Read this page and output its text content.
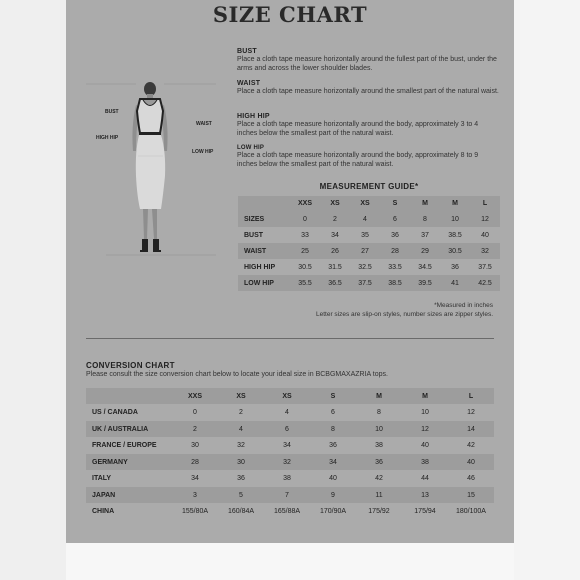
SIZE CHART
BUST
Place a cloth tape measure horizontally around the fullest part of the bust, under the arms and across the lower shoulder blades.
WAIST
Place a cloth tape measure horizontally around the smallest part of the natural waist.
HIGH HIP
Place a cloth tape measure horizontally around the body, approximately 3 to 4 inches below the smallest part of the natural waist.
LOW HIP
Place a cloth tape measure horizontally around the body, approximately 8 to 9 inches below the smallest part of the natural waist.
BUST
WAIST
HIGH HIP
LOW HIP
MEASUREMENT GUIDE*
	XXS	XS	XS	S	M	M	L
SIZES	0	2	4	6	8	10	12
BUST	33	34	35	36	37	38.5	40
WAIST	25	26	27	28	29	30.5	32
HIGH HIP	30.5	31.5	32.5	33.5	34.5	36	37.5
LOW HIP	35.5	36.5	37.5	38.5	39.5	41	42.5
*Measured in inches
Letter sizes are slip-on styles, number sizes are zipper styles.
CONVERSION CHART
Please consult the size conversion chart below to locate your ideal size in BCBGMAXAZRIA tops.
	XXS	XS	XS	S	M	M	L
US / CANADA	0	2	4	6	8	10	12
UK / AUSTRALIA	2	4	6	8	10	12	14
FRANCE / EUROPE	30	32	34	36	38	40	42
GERMANY	28	30	32	34	36	38	40
ITALY	34	36	38	40	42	44	46
JAPAN	3	5	7	9	11	13	15
CHINA	155/80A	160/84A	165/88A	170/90A	175/92	175/94	180/100A
